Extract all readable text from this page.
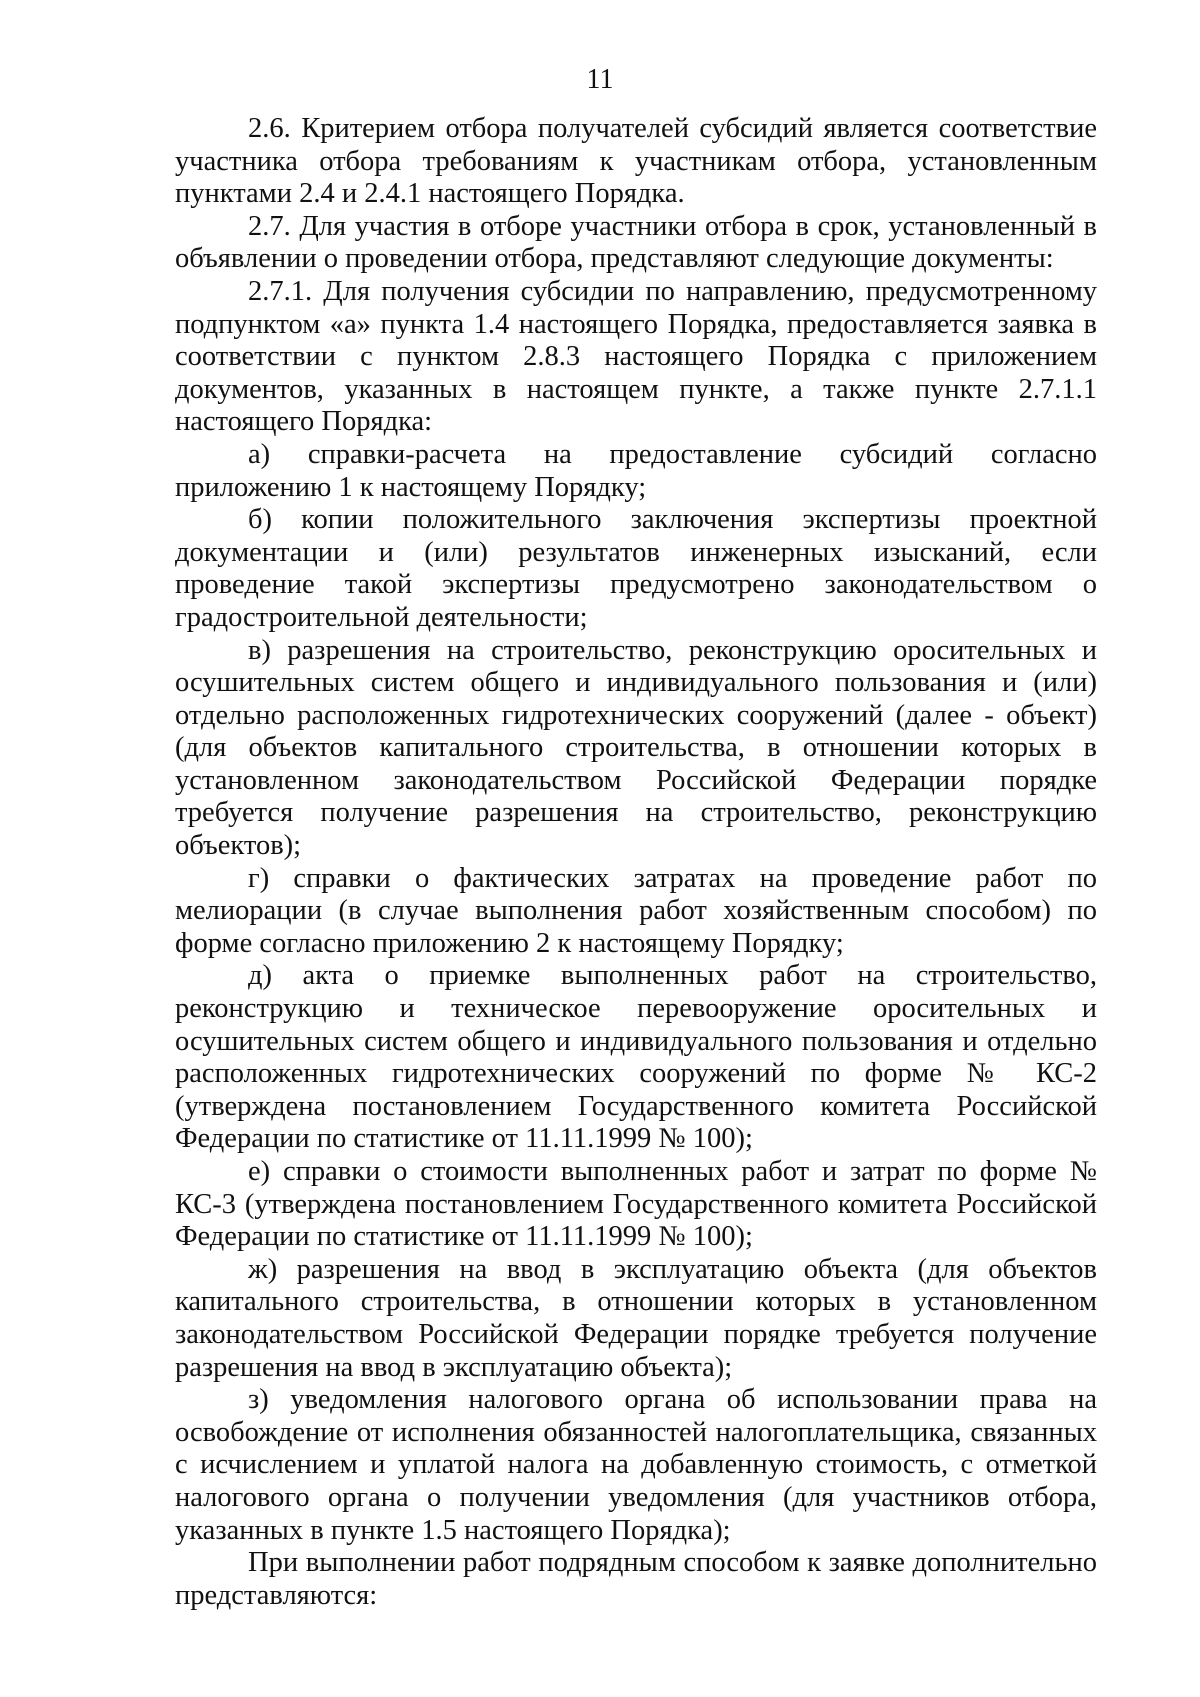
11

2.6. Критерием отбора получателей субсидий является соответствие участника отбора требованиям к участникам отбора, установленным пунктами 2.4 и 2.4.1 настоящего Порядка.

2.7. Для участия в отборе участники отбора в срок, установленный в объявлении о проведении отбора, представляют следующие документы:

2.7.1. Для получения субсидии по направлению, предусмотренному подпунктом «а» пункта 1.4 настоящего Порядка, предоставляется заявка в соответствии с пунктом 2.8.3 настоящего Порядка с приложением документов, указанных в настоящем пункте, а также пункте 2.7.1.1 настоящего Порядка:

а) справки-расчета на предоставление субсидий согласно приложению 1 к настоящему Порядку;

б) копии положительного заключения экспертизы проектной документации и (или) результатов инженерных изысканий, если проведение такой экспертизы предусмотрено законодательством о градостроительной деятельности;

в) разрешения на строительство, реконструкцию оросительных и осушительных систем общего и индивидуального пользования и (или) отдельно расположенных гидротехнических сооружений (далее - объект) (для объектов капитального строительства, в отношении которых в установленном законодательством Российской Федерации порядке требуется получение разрешения на строительство, реконструкцию объектов);

г) справки о фактических затратах на проведение работ по мелиорации (в случае выполнения работ хозяйственным способом) по форме согласно приложению 2 к настоящему Порядку;

д) акта о приемке выполненных работ на строительство, реконструкцию и техническое перевооружение оросительных и осушительных систем общего и индивидуального пользования и отдельно расположенных гидротехнических сооружений по форме № КС-2 (утверждена постановлением Государственного комитета Российской Федерации по статистике от 11.11.1999 № 100);

е) справки о стоимости выполненных работ и затрат по форме № КС-3 (утверждена постановлением Государственного комитета Российской Федерации по статистике от 11.11.1999 № 100);

ж) разрешения на ввод в эксплуатацию объекта (для объектов капитального строительства, в отношении которых в установленном законодательством Российской Федерации порядке требуется получение разрешения на ввод в эксплуатацию объекта);

з) уведомления налогового органа об использовании права на освобождение от исполнения обязанностей налогоплательщика, связанных с исчислением и уплатой налога на добавленную стоимость, с отметкой налогового органа о получении уведомления (для участников отбора, указанных в пункте 1.5 настоящего Порядка);

При выполнении работ подрядным способом к заявке дополнительно представляются:
